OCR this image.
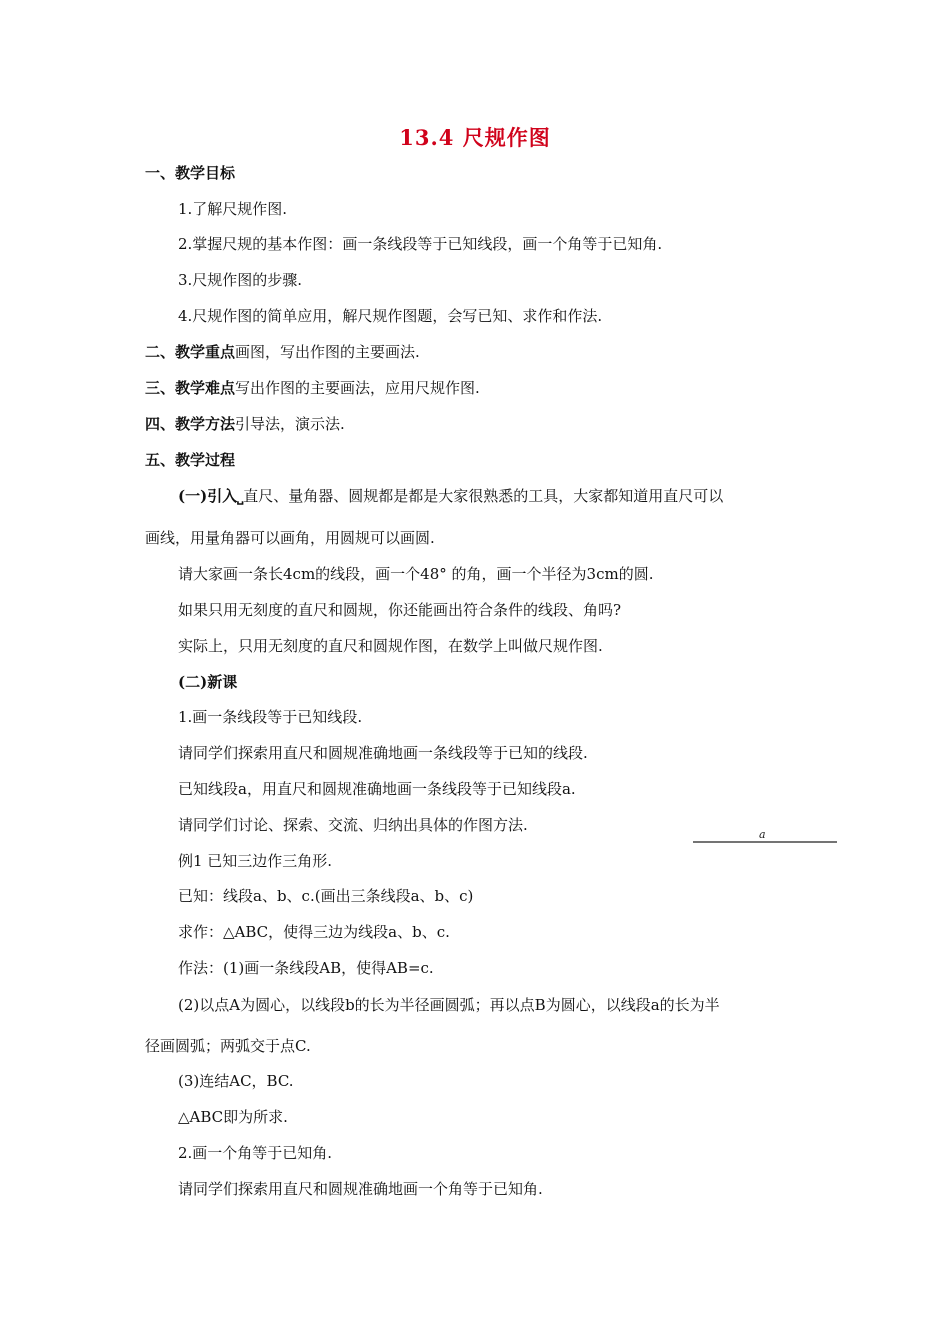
13.4 尺规作图
一、教学目标
1.了解尺规作图.
2.掌握尺规的基本作图：画一条线段等于已知线段，画一个角等于已知角.
3.尺规作图的步骤.
4.尺规作图的简单应用，解尺规作图题，会写已知、求作和作法.
二、教学重点画图，写出作图的主要画法.
三、教学难点写出作图的主要画法，应用尺规作图.
四、教学方法引导法，演示法.
五、教学过程
(一)引入⎵直尺、量角器、圆规都是都是大家很熟悉的工具，大家都知道用直尺可以
画线，用量角器可以画角，用圆规可以画圆.
请大家画一条长4cm的线段，画一个48° 的角，画一个半径为3cm的圆.
如果只用无刻度的直尺和圆规，你还能画出符合条件的线段、角吗?
实际上，只用无刻度的直尺和圆规作图，在数学上叫做尺规作图.
(二)新课
1.画一条线段等于已知线段.
请同学们探索用直尺和圆规准确地画一条线段等于已知的线段.
已知线段a，用直尺和圆规准确地画一条线段等于已知线段a.
请同学们讨论、探索、交流、归纳出具体的作图方法.
a
例1 已知三边作三角形.
已知：线段a、b、c.(画出三条线段a、b、c)
求作：△ABC，使得三边为线段a、b、c.
作法：(1)画一条线段AB，使得AB=c.
(2)以点A为圆心，以线段b的长为半径画圆弧；再以点B为圆心，以线段a的长为半
径画圆弧；两弧交于点C.
(3)连结AC，BC.
△ABC即为所求.
2.画一个角等于已知角.
请同学们探索用直尺和圆规准确地画一个角等于已知角.
